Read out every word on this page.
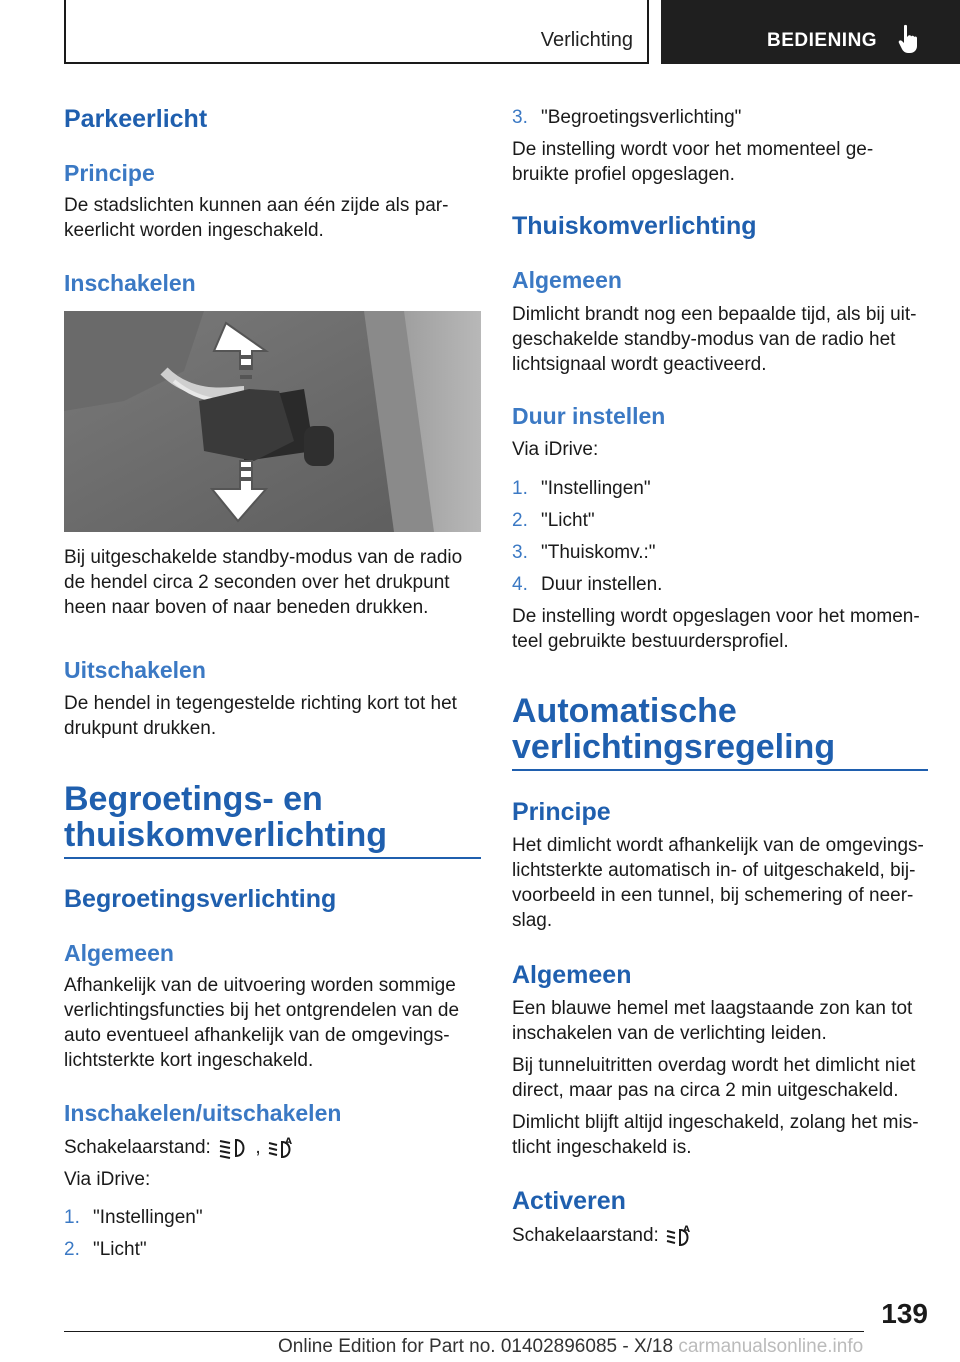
Verlichting	BEDIENING
Parkeerlicht
Principe

De stadslichten kunnen aan één zijde als par-

keerlicht worden ingeschakeld.

Inschakelen

Bij uitgeschakelde standby-modus van de radio

de hendel circa 2 seconden over het drukpunt

heen naar boven of naar beneden drukken.

Uitschakelen

De hendel in tegengestelde richting kort tot het

drukpunt drukken.

Begroetings- en
thuiskomverlichting
Begroetingsverlichting
Algemeen

Afhankelijk van de uitvoering worden sommige

verlichtingsfuncties bij het ontgrendelen van de

auto eventueel afhankelijk van de omgevings-

lichtsterkte kort ingeschakeld.

Inschakelen/uitschakelen

Schakelaarstand: ,	A

Via iDrive:

1. "Instellingen"
2. "Licht"
3. "Begroetingsverlichting"

De instelling wordt voor het momenteel ge-

bruikte profiel opgeslagen.

Thuiskomverlichting
Algemeen

Dimlicht brandt nog een bepaalde tijd, als bij uit-

geschakelde standby-modus van de radio het

lichtsignaal wordt geactiveerd.

Duur instellen

Via iDrive:

1. "Instellingen"
2. "Licht"
3. "Thuiskomv.:"
4. Duur instellen.

De instelling wordt opgeslagen voor het momen-

teel gebruikte bestuurdersprofiel.

Automatische
verlichtingsregeling
Principe

Het dimlicht wordt afhankelijk van de omgevings-

lichtsterkte automatisch in- of uitgeschakeld, bij-

voorbeeld in een tunnel, bij schemering of neer-

slag.

Algemeen

Een blauwe hemel met laagstaande zon kan tot

inschakelen van de verlichting leiden.

Bij tunneluitritten overdag wordt het dimlicht niet

direct, maar pas na circa 2 min uitgeschakeld.

Dimlicht blijft altijd ingeschakeld, zolang het mis-

tlicht ingeschakeld is.

Activeren

Schakelaarstand:	A

139
Online Edition for Part no. 01402896085 - X/18 carmanualsonline.info
